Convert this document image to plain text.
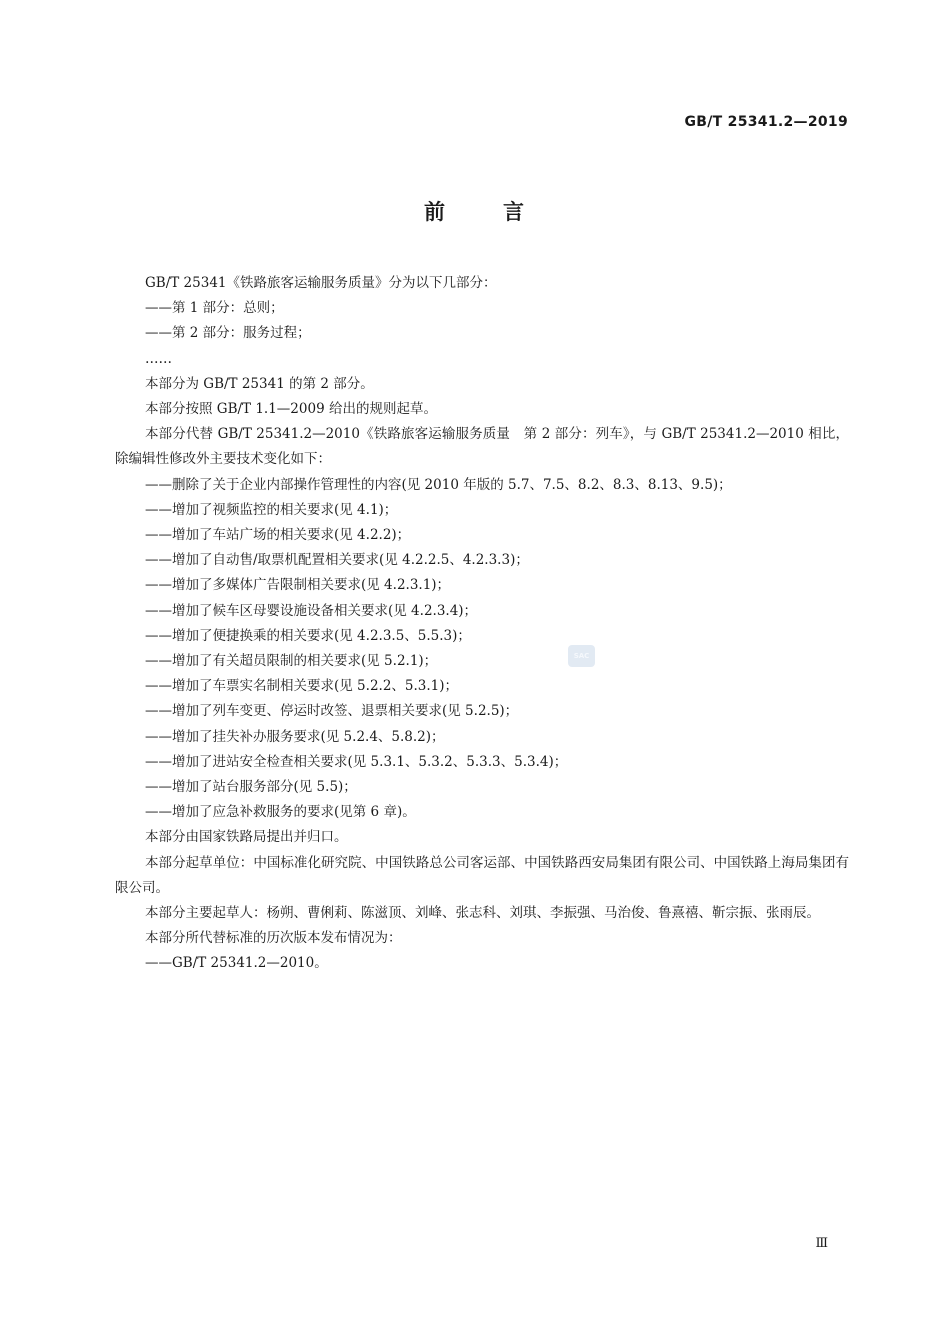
GB/T 25341.2—2019
前	言

GB/T 25341《铁路旅客运输服务质量》分为以下几部分：

——第 1 部分：总则；

——第 2 部分：服务过程；

……

本部分为 GB/T 25341 的第 2 部分。

本部分按照 GB/T 1.1—2009 给出的规则起草。

本部分代替 GB/T 25341.2—2010《铁路旅客运输服务质量　第 2 部分：列车》，与 GB/T 25341.2—2010 相比，除编辑性修改外主要技术变化如下：

——删除了关于企业内部操作管理性的内容(见 2010 年版的 5.7、7.5、8.2、8.3、8.13、9.5)；

——增加了视频监控的相关要求(见 4.1)；

——增加了车站广场的相关要求(见 4.2.2)；

——增加了自动售/取票机配置相关要求(见 4.2.2.5、4.2.3.3)；

——增加了多媒体广告限制相关要求(见 4.2.3.1)；

——增加了候车区母婴设施设备相关要求(见 4.2.3.4)；

——增加了便捷换乘的相关要求(见 4.2.3.5、5.5.3)；

——增加了有关超员限制的相关要求(见 5.2.1)；

——增加了车票实名制相关要求(见 5.2.2、5.3.1)；

——增加了列车变更、停运时改签、退票相关要求(见 5.2.5)；

——增加了挂失补办服务要求(见 5.2.4、5.8.2)；

——增加了进站安全检查相关要求(见 5.3.1、5.3.2、5.3.3、5.3.4)；

——增加了站台服务部分(见 5.5)；

——增加了应急补救服务的要求(见第 6 章)。

本部分由国家铁路局提出并归口。

本部分起草单位：中国标准化研究院、中国铁路总公司客运部、中国铁路西安局集团有限公司、中国铁路上海局集团有限公司。

本部分主要起草人：杨朔、曹俐莉、陈滋顶、刘峰、张志科、刘琪、李振强、马治俊、鲁熹禧、靳宗振、张雨辰。

本部分所代替标准的历次版本发布情况为：

——GB/T 25341.2—2010。

SAC
Ⅲ
